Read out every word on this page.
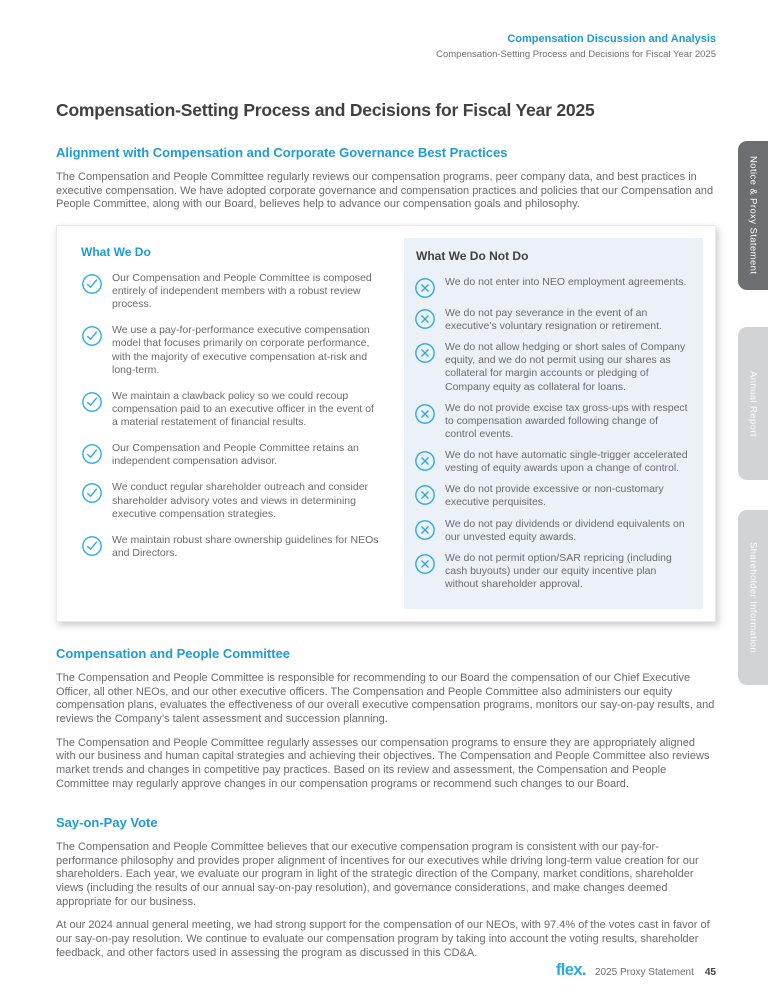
Compensation Discussion and Analysis
Compensation-Setting Process and Decisions for Fiscal Year 2025
Notice & Proxy Statement
Annual Report
Shareholder Information
Compensation-Setting Process and Decisions for Fiscal Year 2025
Alignment with Compensation and Corporate Governance Best Practices

The Compensation and People Committee regularly reviews our compensation programs, peer company data, and best practices in executive compensation. We have adopted corporate governance and compensation practices and policies that our Compensation and People Committee, along with our Board, believes help to advance our compensation goals and philosophy.

What We Do

Our Compensation and People Committee is composed entirely of independent members with a robust review process.

We use a pay-for-performance executive compensation model that focuses primarily on corporate performance, with the majority of executive compensation at-risk and long-term.

We maintain a clawback policy so we could recoup compensation paid to an executive officer in the event of a material restatement of financial results.

Our Compensation and People Committee retains an independent compensation advisor.

We conduct regular shareholder outreach and consider shareholder advisory votes and views in determining executive compensation strategies.

We maintain robust share ownership guidelines for NEOs and Directors.

What We Do Not Do

We do not enter into NEO employment agreements.

We do not pay severance in the event of an executive’s voluntary resignation or retirement.

We do not allow hedging or short sales of Company equity, and we do not permit using our shares as collateral for margin accounts or pledging of Company equity as collateral for loans.

We do not provide excise tax gross-ups with respect to compensation awarded following change of control events.

We do not have automatic single-trigger accelerated vesting of equity awards upon a change of control.

We do not provide excessive or non-customary executive perquisites.

We do not pay dividends or dividend equivalents on our unvested equity awards.

We do not permit option/SAR repricing (including cash buyouts) under our equity incentive plan without shareholder approval.

Compensation and People Committee

The Compensation and People Committee is responsible for recommending to our Board the compensation of our Chief Executive Officer, all other NEOs, and our other executive officers. The Compensation and People Committee also administers our equity compensation plans, evaluates the effectiveness of our overall executive compensation programs, monitors our say-on-pay results, and reviews the Company’s talent assessment and succession planning.

The Compensation and People Committee regularly assesses our compensation programs to ensure they are appropriately aligned with our business and human capital strategies and achieving their objectives. The Compensation and People Committee also reviews market trends and changes in competitive pay practices. Based on its review and assessment, the Compensation and People Committee may regularly approve changes in our compensation programs or recommend such changes to our Board.

Say-on-Pay Vote

The Compensation and People Committee believes that our executive compensation program is consistent with our pay-for-performance philosophy and provides proper alignment of incentives for our executives while driving long-term value creation for our shareholders. Each year, we evaluate our program in light of the strategic direction of the Company, market conditions, shareholder views (including the results of our annual say-on-pay resolution), and governance considerations, and make changes deemed appropriate for our business.

At our 2024 annual general meeting, we had strong support for the compensation of our NEOs, with 97.4% of the votes cast in favor of our say-on-pay resolution. We continue to evaluate our compensation program by taking into account the voting results, shareholder feedback, and other factors used in assessing the program as discussed in this CD&A.

flex. 2025 Proxy Statement 45
